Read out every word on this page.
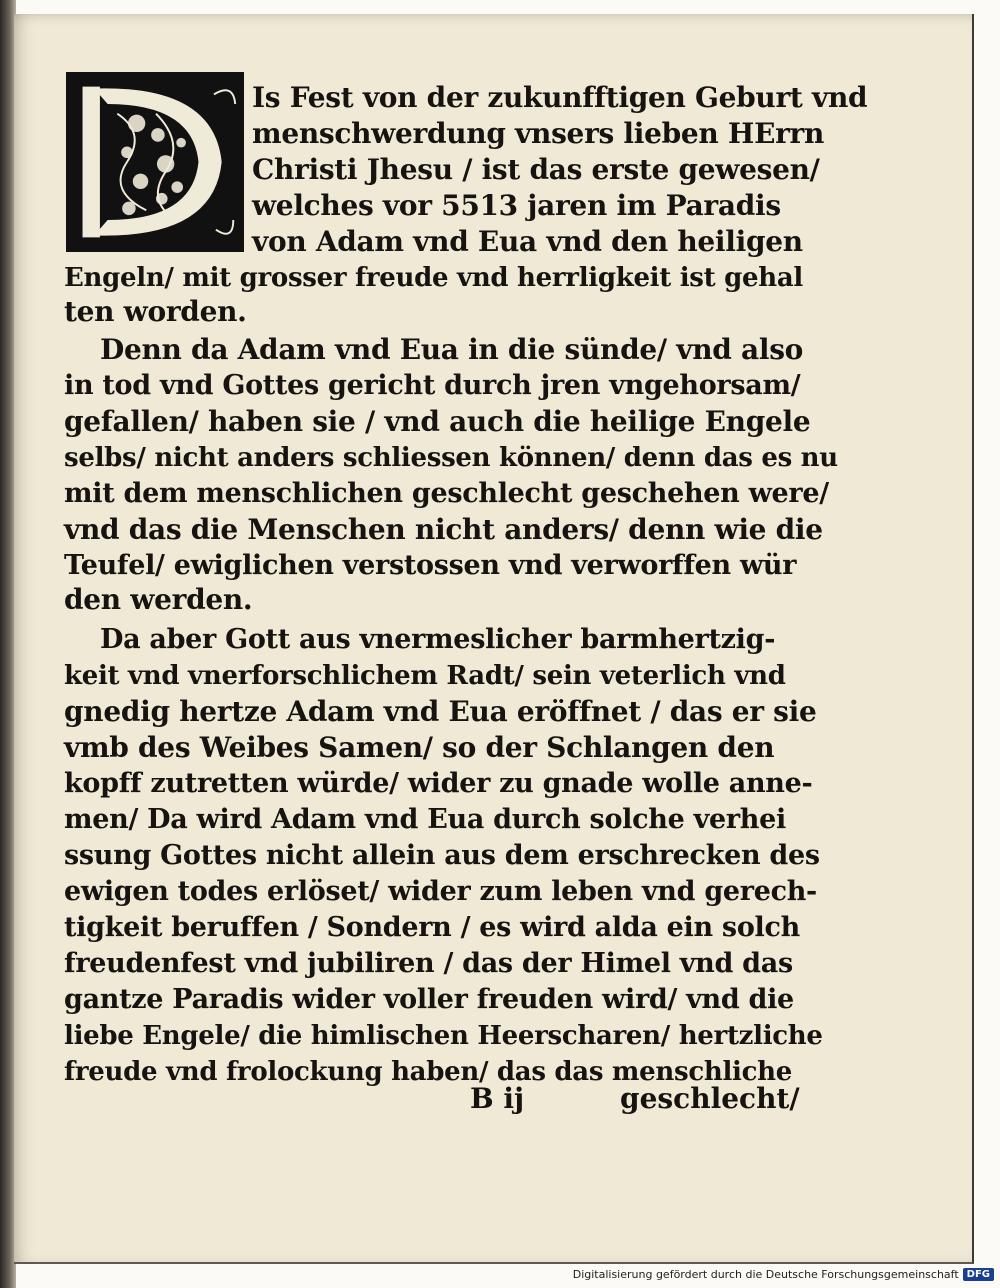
Is Fest von der zukunfftigen Geburt vnd
menschwerdung vnsers lieben HErrn
Christi Jhesu / ist das erste gewesen/
welches vor 5513 jaren im Paradis
von Adam vnd Eua vnd den heiligen
Engeln/ mit grosser freude vnd herrligkeit ist gehal
ten worden.
Denn da Adam vnd Eua in die sünde/ vnd also
in tod vnd Gottes gericht durch jren vngehorsam/
gefallen/ haben sie / vnd auch die heilige Engele
selbs/ nicht anders schliessen können/ denn das es nu
mit dem menschlichen geschlecht geschehen were/
vnd das die Menschen nicht anders/ denn wie die
Teufel/ ewiglichen verstossen vnd verworffen wür
den werden.
Da aber Gott aus vnermeslicher barmhertzig-
keit vnd vnerforschlichem Radt/ sein veterlich vnd
gnedig hertze Adam vnd Eua eröffnet / das er sie
vmb des Weibes Samen/ so der Schlangen den
kopff zutretten würde/ wider zu gnade wolle anne-
men/ Da wird Adam vnd Eua durch solche verhei
ssung Gottes nicht allein aus dem erschrecken des
ewigen todes erlöset/ wider zum leben vnd gerech-
tigkeit beruffen / Sondern / es wird alda ein solch
freudenfest vnd jubiliren / das der Himel vnd das
gantze Paradis wider voller freuden wird/ vnd die
liebe Engele/ die himlischen Heerscharen/ hertzliche
freude vnd frolockung haben/ das das menschliche
B ij	geschlecht/
Digitalisierung gefördert durch die Deutsche Forschungsgemeinschaft DFG
